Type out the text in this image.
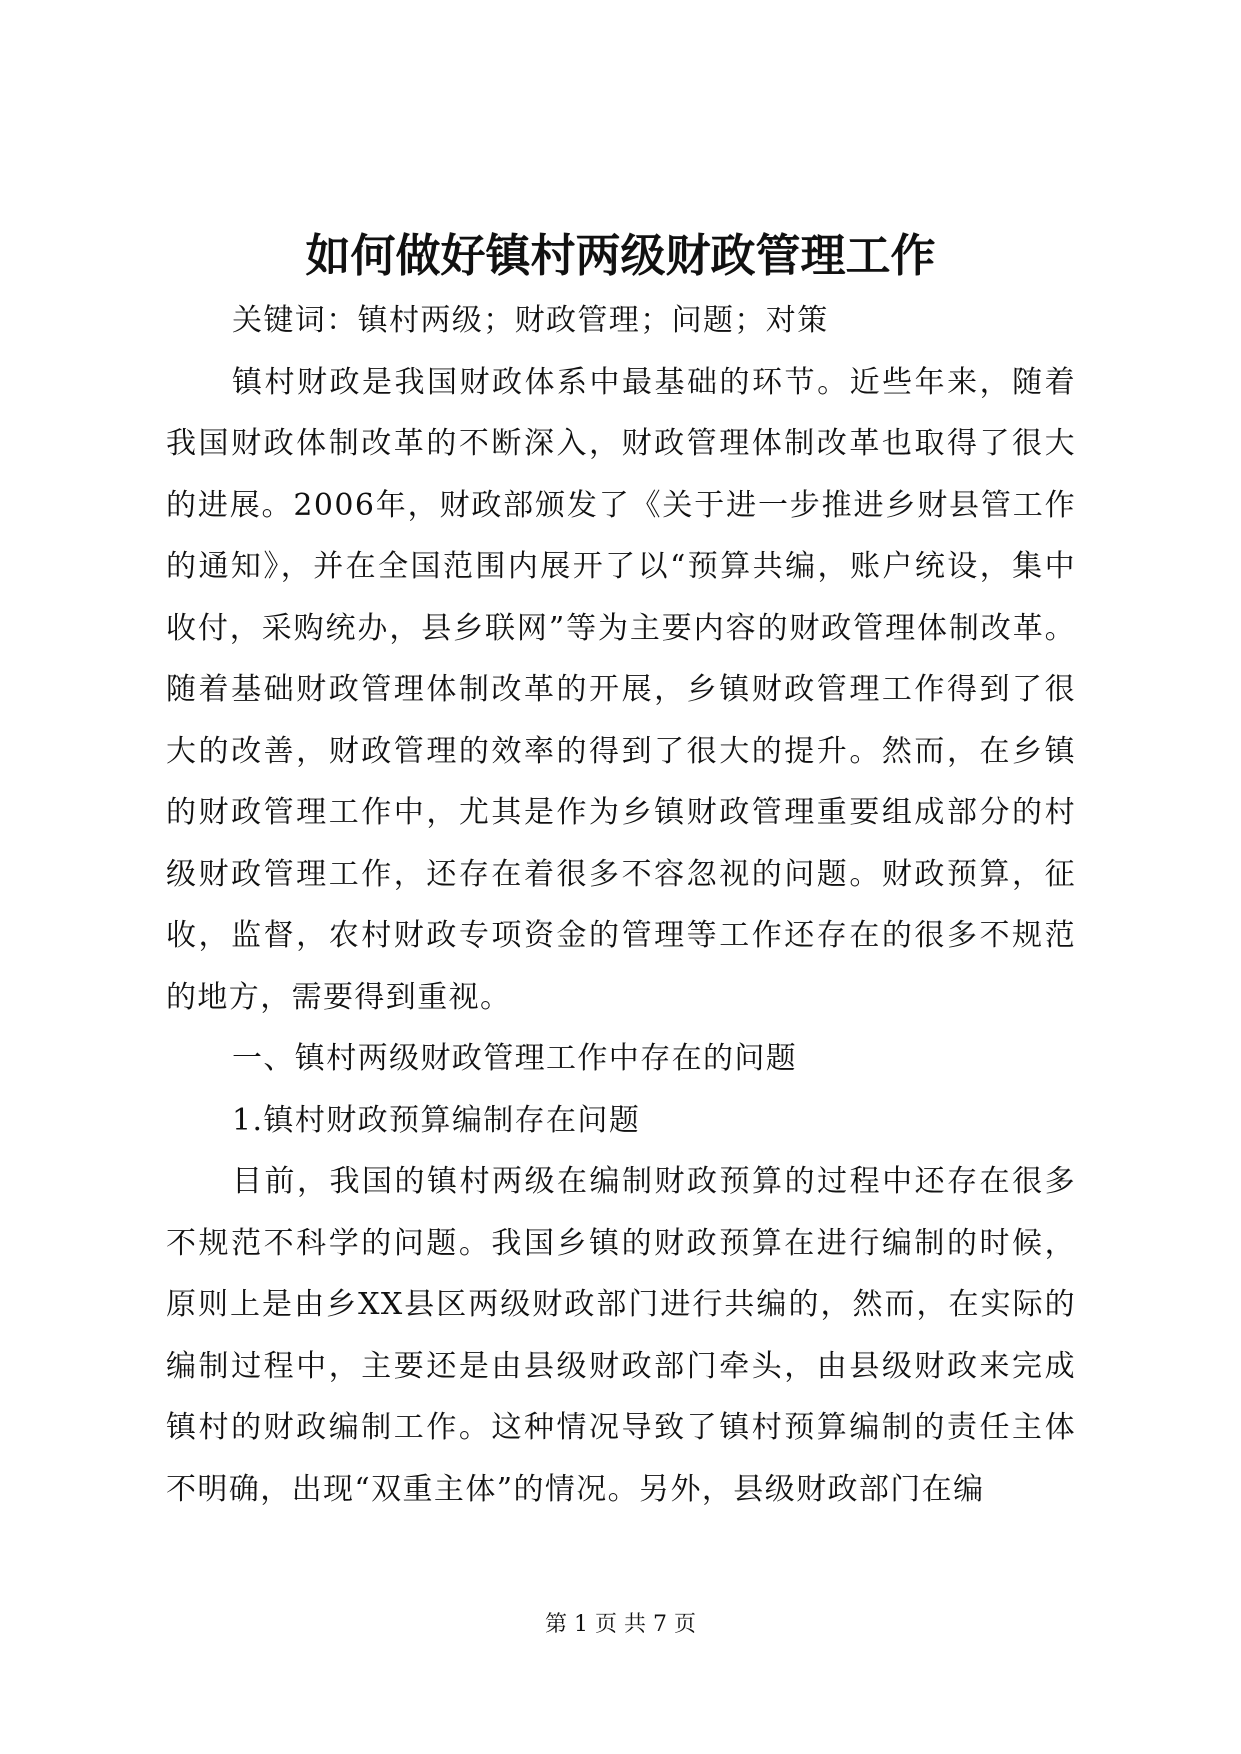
如何做好镇村两级财政管理工作

关键词：镇村两级；财政管理；问题；对策

镇村财政是我国财政体系中最基础的环节。近些年来，随着我国财政体制改革的不断深入，财政管理体制改革也取得了很大的进展。2006年，财政部颁发了《关于进一步推进乡财县管工作的通知》，并在全国范围内展开了以“预算共编，账户统设，集中收付，采购统办，县乡联网”等为主要内容的财政管理体制改革。随着基础财政管理体制改革的开展，乡镇财政管理工作得到了很大的改善，财政管理的效率的得到了很大的提升。然而，在乡镇的财政管理工作中，尤其是作为乡镇财政管理重要组成部分的村级财政管理工作，还存在着很多不容忽视的问题。财政预算，征收，监督，农村财政专项资金的管理等工作还存在的很多不规范的地方，需要得到重视。

一、镇村两级财政管理工作中存在的问题

1.镇村财政预算编制存在问题

目前，我国的镇村两级在编制财政预算的过程中还存在很多不规范不科学的问题。我国乡镇的财政预算在进行编制的时候，原则上是由乡XX县区两级财政部门进行共编的，然而，在实际的编制过程中，主要还是由县级财政部门牵头，由县级财政来完成镇村的财政编制工作。这种情况导致了镇村预算编制的责任主体不明确，出现“双重主体”的情况。另外，县级财政部门在编

第 1 页 共 7 页
